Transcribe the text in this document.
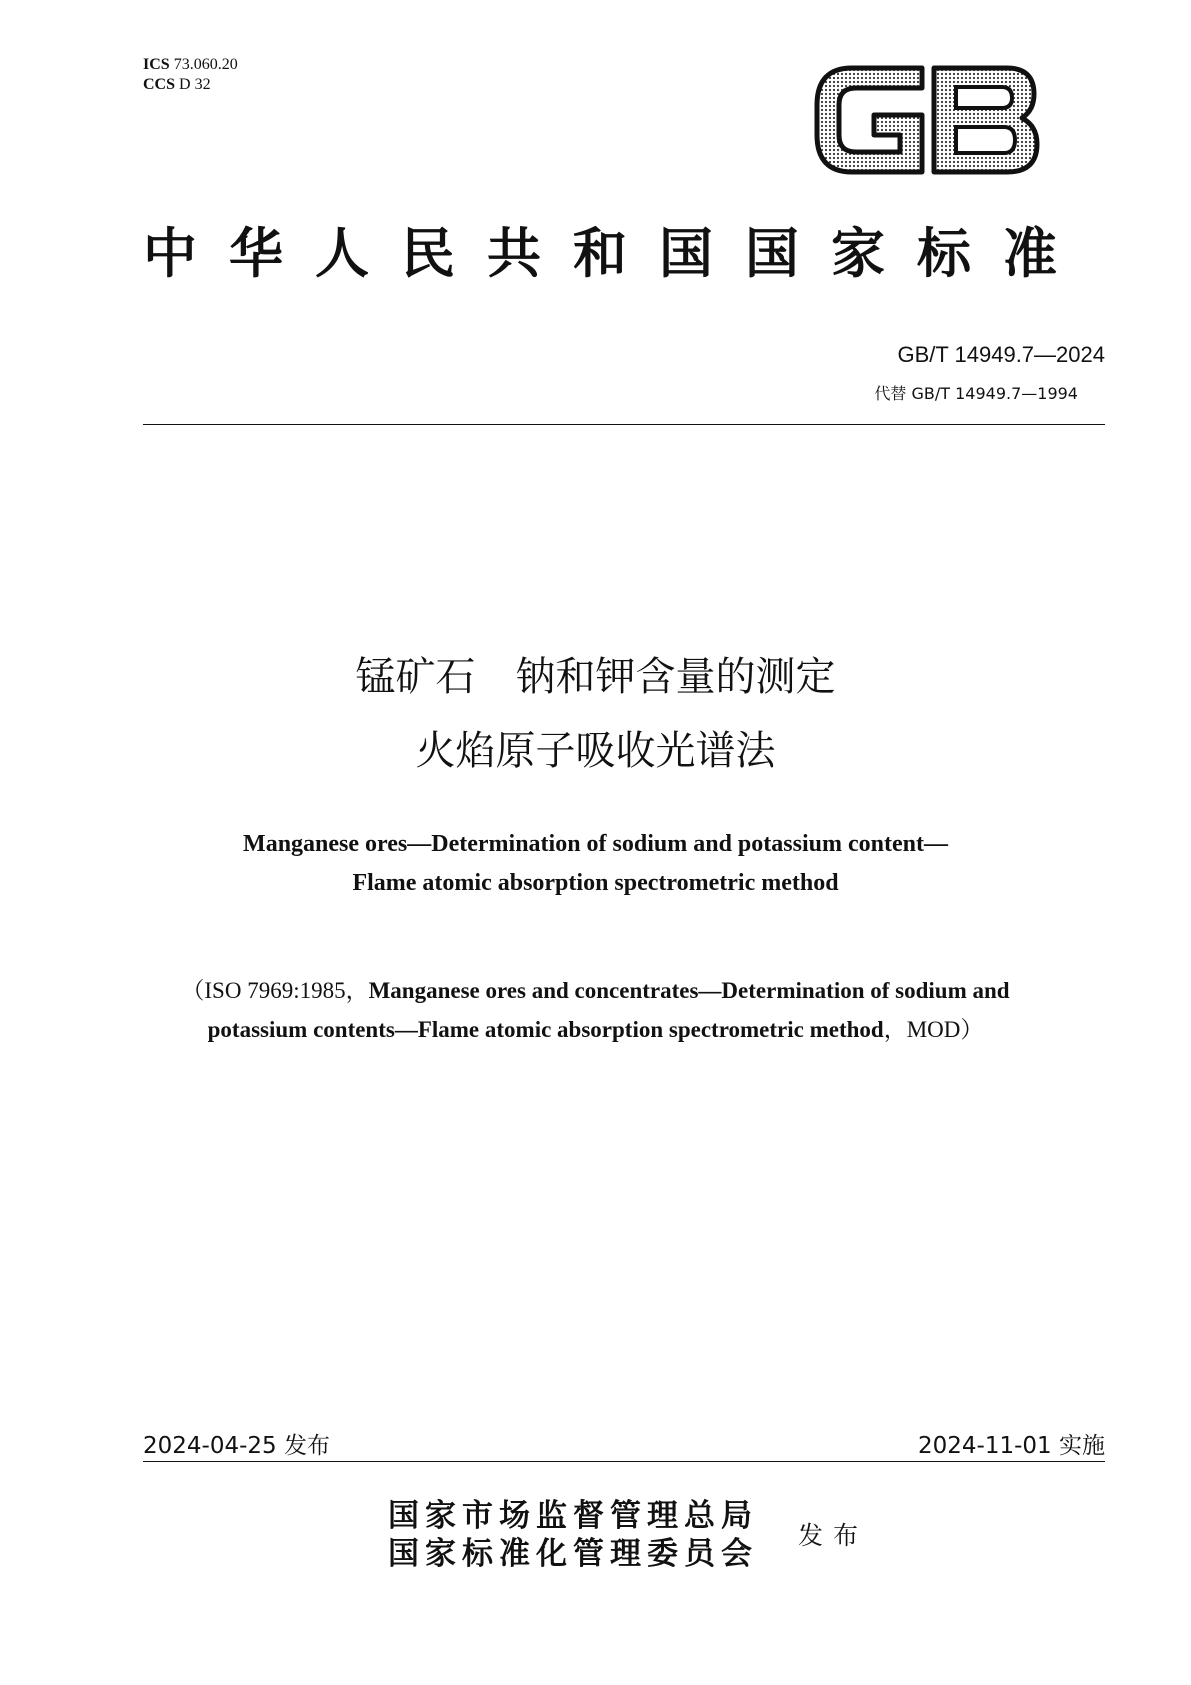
ICS 73.060.20
CCS D 32
中华人民共和国国家标准
GB/T 14949.7—2024
代替 GB/T 14949.7—1994
锰矿石　钠和钾含量的测定
火焰原子吸收光谱法
Manganese ores—Determination of sodium and potassium content—
Flame atomic absorption spectrometric method
（ISO 7969:1985，Manganese ores and concentrates—Determination of sodium and
potassium contents—Flame atomic absorption spectrometric method，MOD）
2024-04-25 发布	2024-11-01 实施
国家市场监督管理总局
国家标准化管理委员会
发布
